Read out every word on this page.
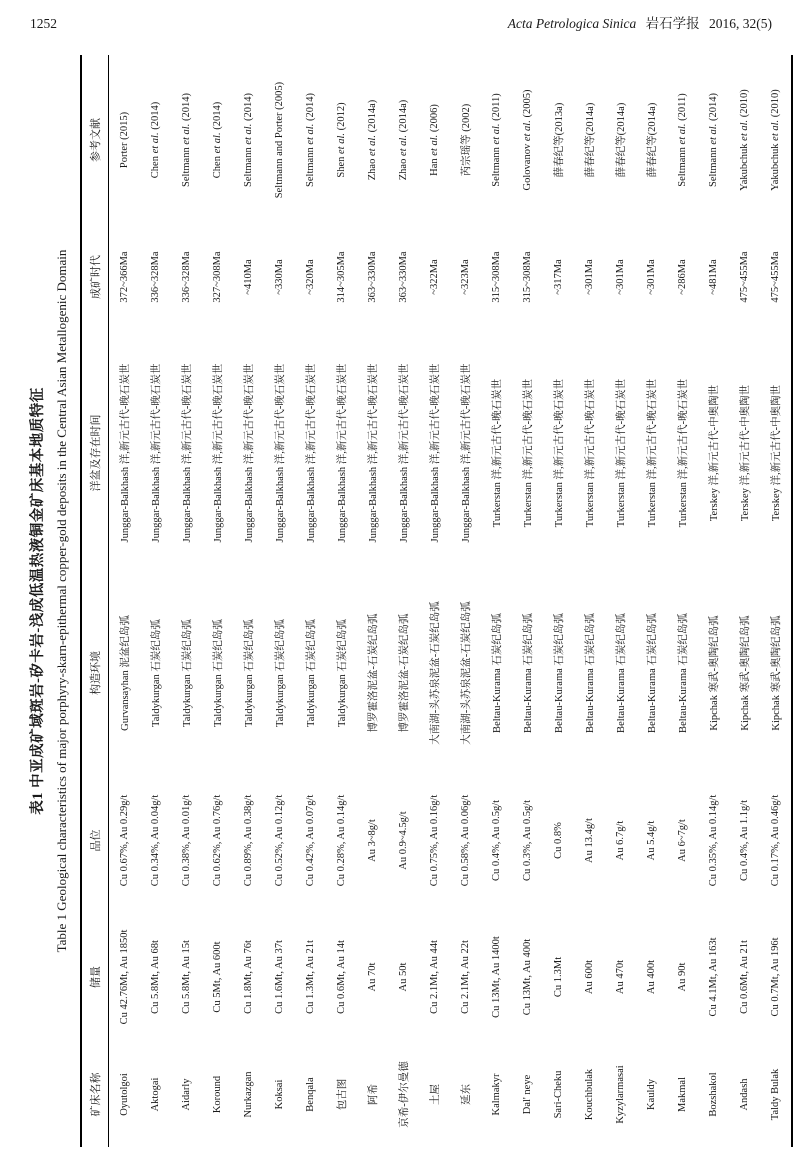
1252	Acta Petrologica Sinica 岩石学报 2016, 32(5)
表1 中亚成矿域斑岩-矽卡岩-浅成低温热液铜金矿床基本地质特征 Table 1 Geological characteristics of major porphyry-skarn-epithermal copper-gold deposits in the Central Asian Metallogenic Domain
矿床名称	储量	品位	构造环境	洋盆及存在时间	成矿时代	参考文献
Oyutolgoi	Cu 42.76Mt, Au 1850t	Cu 0.67%, Au 0.29g/t	Gurvansayhan 泥盆纪岛弧	Junggar-Balkhash 洋,新元古代-晚石炭世	372~366Ma	Porter (2015)
Aktogai	Cu 5.8Mt, Au 68t	Cu 0.34%, Au 0.04g/t	Taldykurgan 石炭纪岛弧	Junggar-Balkhash 洋,新元古代-晚石炭世	336~328Ma	Chen et al. (2014)
Aidarly	Cu 5.8Mt, Au 15t	Cu 0.38%, Au 0.01g/t	Taldykurgan 石炭纪岛弧	Junggar-Balkhash 洋,新元古代-晚石炭世	336~328Ma	Seltmann et al. (2014)
Koround	Cu 5Mt, Au 600t	Cu 0.62%, Au 0.76g/t	Taldykurgan 石炭纪岛弧	Junggar-Balkhash 洋,新元古代-晚石炭世	327~308Ma	Chen et al. (2014)
Nurkazgan	Cu 1.8Mt, Au 76t	Cu 0.89%, Au 0.38g/t	Taldykurgan 石炭纪岛弧	Junggar-Balkhash 洋,新元古代-晚石炭世	~410Ma	Seltmann et al. (2014)
Koksai	Cu 1.6Mt, Au 37t	Cu 0.52%, Au 0.12g/t	Taldykurgan 石炭纪岛弧	Junggar-Balkhash 洋,新元古代-晚石炭世	~330Ma	Seltmann and Porter (2005)
Benqala	Cu 1.3Mt, Au 21t	Cu 0.42%, Au 0.07g/t	Taldykurgan 石炭纪岛弧	Junggar-Balkhash 洋,新元古代-晚石炭世	~320Ma	Seltmann et al. (2014)
包古图	Cu 0.6Mt, Au 14t	Cu 0.28%, Au 0.14g/t	Taldykurgan 石炭纪岛弧	Junggar-Balkhash 洋,新元古代-晚石炭世	314~305Ma	Shen et al. (2012)
阿希	Au 70t	Au 3~8g/t	博罗霍洛泥盆-石炭纪岛弧	Junggar-Balkhash 洋,新元古代-晚石炭世	363~330Ma	Zhao et al. (2014a)
京希-伊尔曼德	Au 50t	Au 0.9~4.5g/t	博罗霍洛泥盆-石炭纪岛弧	Junggar-Balkhash 洋,新元古代-晚石炭世	363~330Ma	Zhao et al. (2014a)
土屋	Cu 2.1Mt, Au 44t	Cu 0.75%, Au 0.16g/t	大南湖-头苏泉泥盆-石炭纪岛弧	Junggar-Balkhash 洋,新元古代-晚石炭世	~322Ma	Han et al. (2006)
延东	Cu 2.1Mt, Au 22t	Cu 0.58%, Au 0.06g/t	大南湖-头苏泉泥盆-石炭纪岛弧	Junggar-Balkhash 洋,新元古代-晚石炭世	~323Ma	芮宗瑶等 (2002)
Kalmakyr	Cu 13Mt, Au 1400t	Cu 0.4%, Au 0.5g/t	Beltau-Kurama 石炭纪岛弧	Turkerstan 洋,新元古代-晚石炭世	315~308Ma	Seltmann et al. (2011)
Dal' neye	Cu 13Mt, Au 400t	Cu 0.3%, Au 0.5g/t	Beltau-Kurama 石炭纪岛弧	Turkerstan 洋,新元古代-晚石炭世	315~308Ma	Golovanov et al. (2005)
Sari-Cheku	Cu 1.3Mt	Cu 0.8%	Beltau-Kurama 石炭纪岛弧	Turkerstan 洋,新元古代-晚石炭世	~317Ma	薛春纪等(2013a)
Kouchbulak	Au 600t	Au 13.4g/t	Beltau-Kurama 石炭纪岛弧	Turkerstan 洋,新元古代-晚石炭世	~301Ma	薛春纪等(2014a)
Kyzylarmasai	Au 470t	Au 6.7g/t	Beltau-Kurama 石炭纪岛弧	Turkerstan 洋,新元古代-晚石炭世	~301Ma	薛春纪等(2014a)
Kauldy	Au 400t	Au 5.4g/t	Beltau-Kurama 石炭纪岛弧	Turkerstan 洋,新元古代-晚石炭世	~301Ma	薛春纪等(2014a)
Makmal	Au 90t	Au 6~7g/t	Beltau-Kurama 石炭纪岛弧	Turkerstan 洋,新元古代-晚石炭世	~286Ma	Seltmann et al. (2011)
Bozshakol	Cu 4.1Mt, Au 163t	Cu 0.35%, Au 0.14g/t	Kipchak 寒武-奥陶纪岛弧	Terskey 洋,新元古代-中奥陶世	~481Ma	Seltmann et al. (2014)
Andash	Cu 0.6Mt, Au 21t	Cu 0.4%, Au 1.1g/t	Kipchak 寒武-奥陶纪岛弧	Terskey 洋,新元古代-中奥陶世	475~455Ma	Yakubchuk et al. (2010)
Taldy Bulak	Cu 0.7Mt, Au 196t	Cu 0.17%, Au 0.46g/t	Kipchak 寒武-奥陶纪岛弧	Terskey 洋,新元古代-中奥陶世	475~455Ma	Yakubchuk et al. (2010)
